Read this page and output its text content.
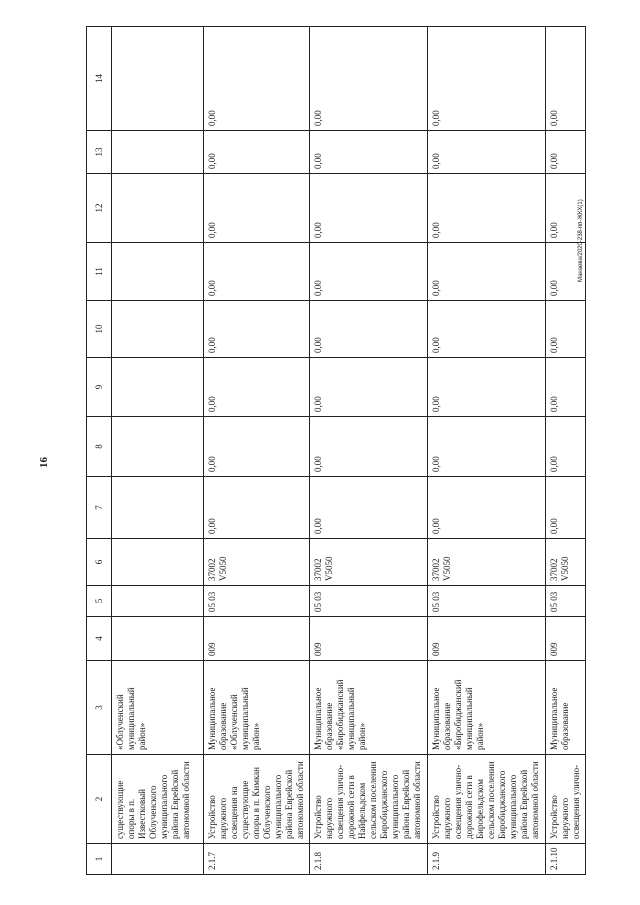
16
Манаева/2020-238-пп-ЖКХ(1)
1	2	3	4	5	6	7	8	9	10	11	12	13	14
	существующие опоры в п. Известковый Облученского муниципального района Еврейской автономной области	«Облученский муниципальный район»											
2.1.7	Устройство наружного освещения на существующие опоры в п. Кимкан Облученского муниципального района Еврейской автономной области	Муниципальное образование «Облученский муниципальный район»	009	05 03	37002 V5050	0,00	0,00	0,00	0,00	0,00	0,00	0,00	0,00
2.1.8	Устройство наружного освещения улично-дорожной сети в Найфельдском сельском поселении Биробиджанского муниципального района Еврейской автономной области	Муниципальное образование «Биробиджанский муниципальный район»	009	05 03	37002 V5050	0,00	0,00	0,00	0,00	0,00	0,00	0,00	0,00
2.1.9	Устройство наружного освещения улично-дорожной сети в Бирофельдском сельском поселении Биробиджанского муниципального района Еврейской автономной области	Муниципальное образование «Биробиджанский муниципальный район»	009	05 03	37002 V5050	0,00	0,00	0,00	0,00	0,00	0,00	0,00	0,00
2.1.10	Устройство наружного освещения улично-	Муниципальное образование	009	05 03	37002 V5050	0,00	0,00	0,00	0,00	0,00	0,00	0,00	0,00
